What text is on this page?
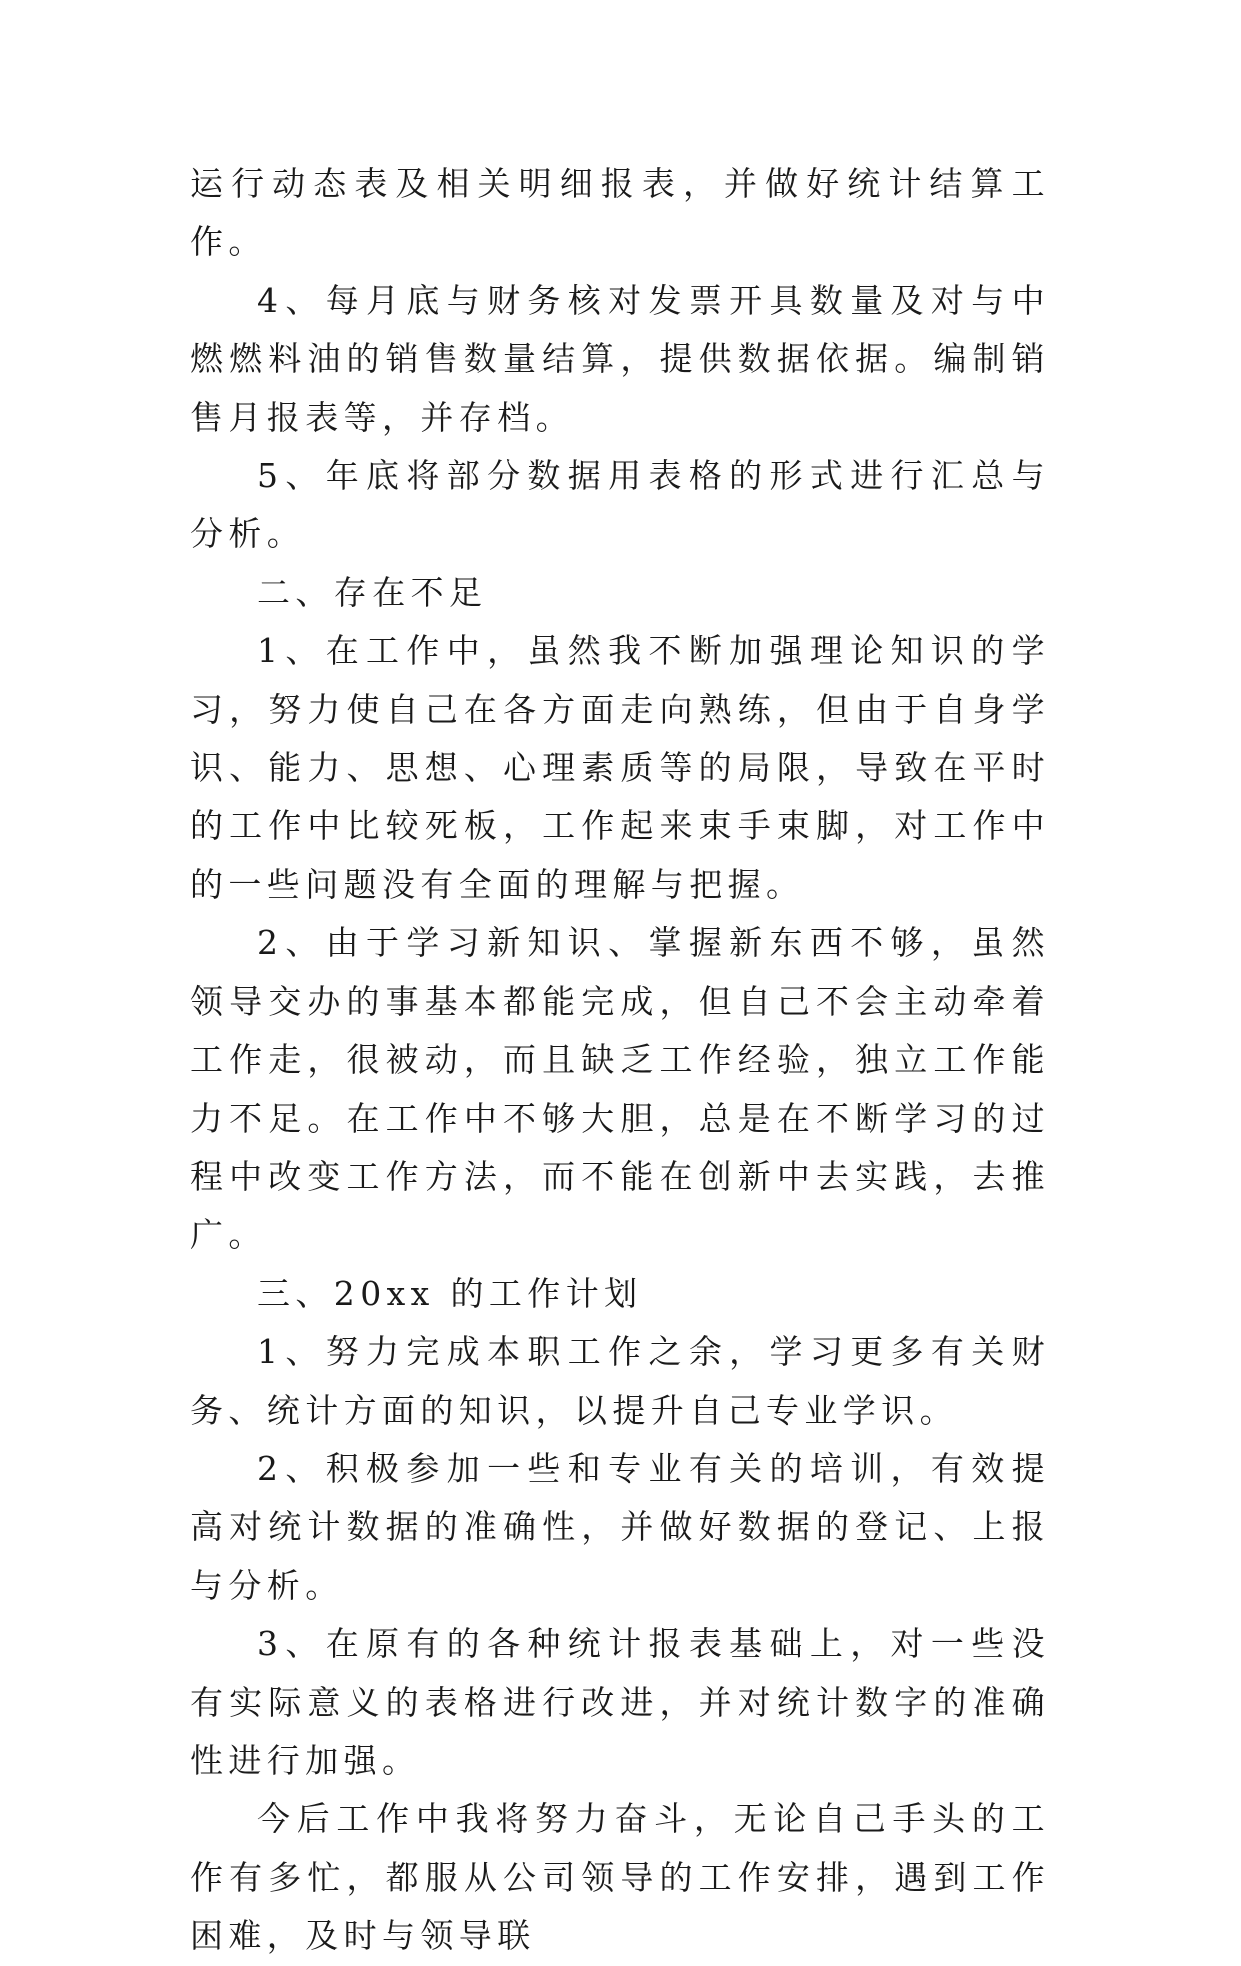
运行动态表及相关明细报表，并做好统计结算工作。

4、每月底与财务核对发票开具数量及对与中燃燃料油的销售数量结算，提供数据依据。编制销售月报表等，并存档。

5、年底将部分数据用表格的形式进行汇总与分析。

二、存在不足

1、在工作中，虽然我不断加强理论知识的学习，努力使自己在各方面走向熟练，但由于自身学识、能力、思想、心理素质等的局限，导致在平时的工作中比较死板，工作起来束手束脚，对工作中的一些问题没有全面的理解与把握。

2、由于学习新知识、掌握新东西不够，虽然领导交办的事基本都能完成，但自己不会主动牵着工作走，很被动，而且缺乏工作经验，独立工作能力不足。在工作中不够大胆，总是在不断学习的过程中改变工作方法，而不能在创新中去实践，去推广。

三、20xx 的工作计划

1、努力完成本职工作之余，学习更多有关财务、统计方面的知识，以提升自己专业学识。

2、积极参加一些和专业有关的培训，有效提高对统计数据的准确性，并做好数据的登记、上报与分析。

3、在原有的各种统计报表基础上，对一些没有实际意义的表格进行改进，并对统计数字的准确性进行加强。

今后工作中我将努力奋斗，无论自己手头的工作有多忙，都服从公司领导的工作安排，遇到工作困难，及时与领导联
